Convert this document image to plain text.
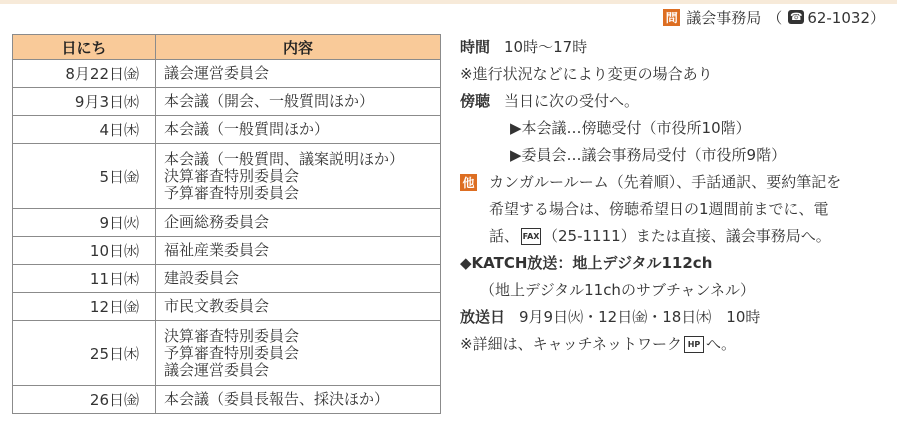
問 議会事務局 （ ☎ 62-1032）
日にち	内容
8月22日㈮	議会運営委員会

9月3日㈬	本会議（開会、一般質問ほか）

4日㈭	本会議（一般質問ほか）

5日㈮	本会議（一般質問、議案説明ほか）
決算審査特別委員会
予算審査特別委員会

9日㈫	企画総務委員会

10日㈬	福祉産業委員会

11日㈭	建設委員会

12日㈮	市民文教委員会

25日㈭	決算審査特別委員会
予算審査特別委員会
議会運営委員会

26日㈮	本会議（委員長報告、採決ほか）
時間 10時～17時
※進行状況などにより変更の場合あり
傍聴 当日に次の受付へ。
▶本会議…傍聴受付（市役所10階）
▶委員会…議会事務局受付（市役所9階）
他 カンガルールーム（先着順）、手話通訳、要約筆記を
希望する場合は、傍聴希望日の1週間前までに、電
話、 FAX （25-1111）または直接、議会事務局へ。
◆KATCH放送：地上デジタル112ch
（地上デジタル11chのサブチャンネル）
放送日 9月9日㈫・12日㈮・18日㈭　10時
※詳細は、キャッチネットワーク HP へ。
